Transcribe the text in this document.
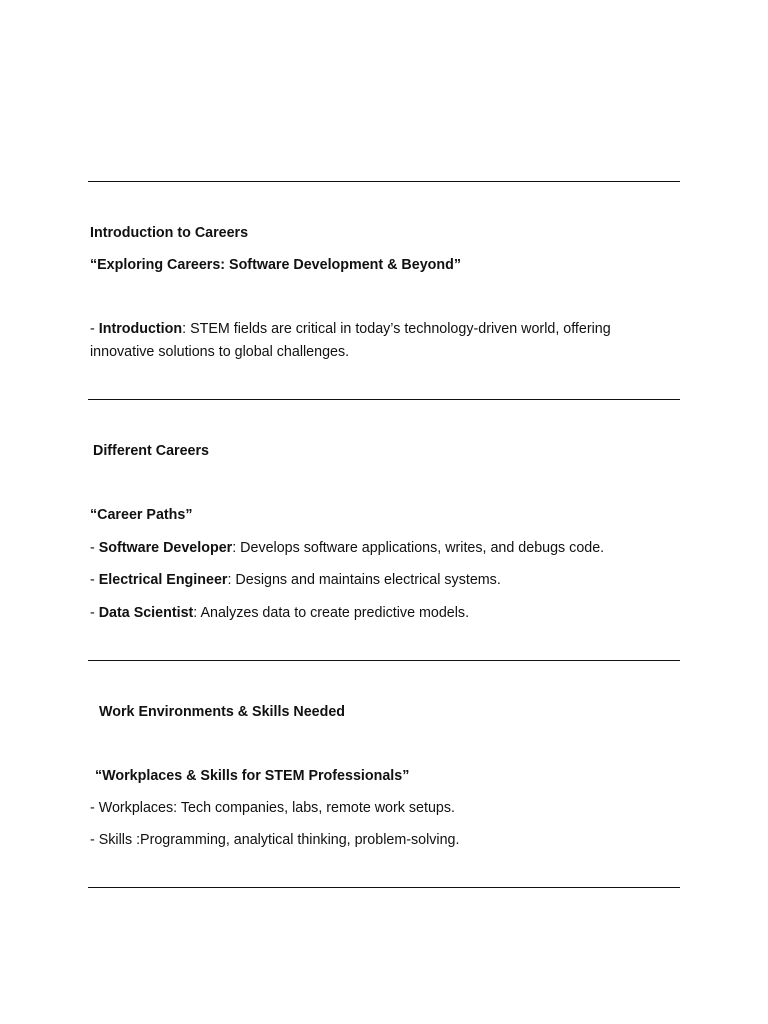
Introduction to Careers
“Exploring Careers: Software Development & Beyond”
- Introduction: STEM fields are critical in today’s technology-driven world, offering innovative solutions to global challenges.
Different Careers
“Career Paths”
- Software Developer: Develops software applications, writes, and debugs code.
- Electrical Engineer: Designs and maintains electrical systems.
- Data Scientist: Analyzes data to create predictive models.
Work Environments & Skills Needed
“Workplaces & Skills for STEM Professionals”
- Workplaces: Tech companies, labs, remote work setups.
- Skills :Programming, analytical thinking, problem-solving.
